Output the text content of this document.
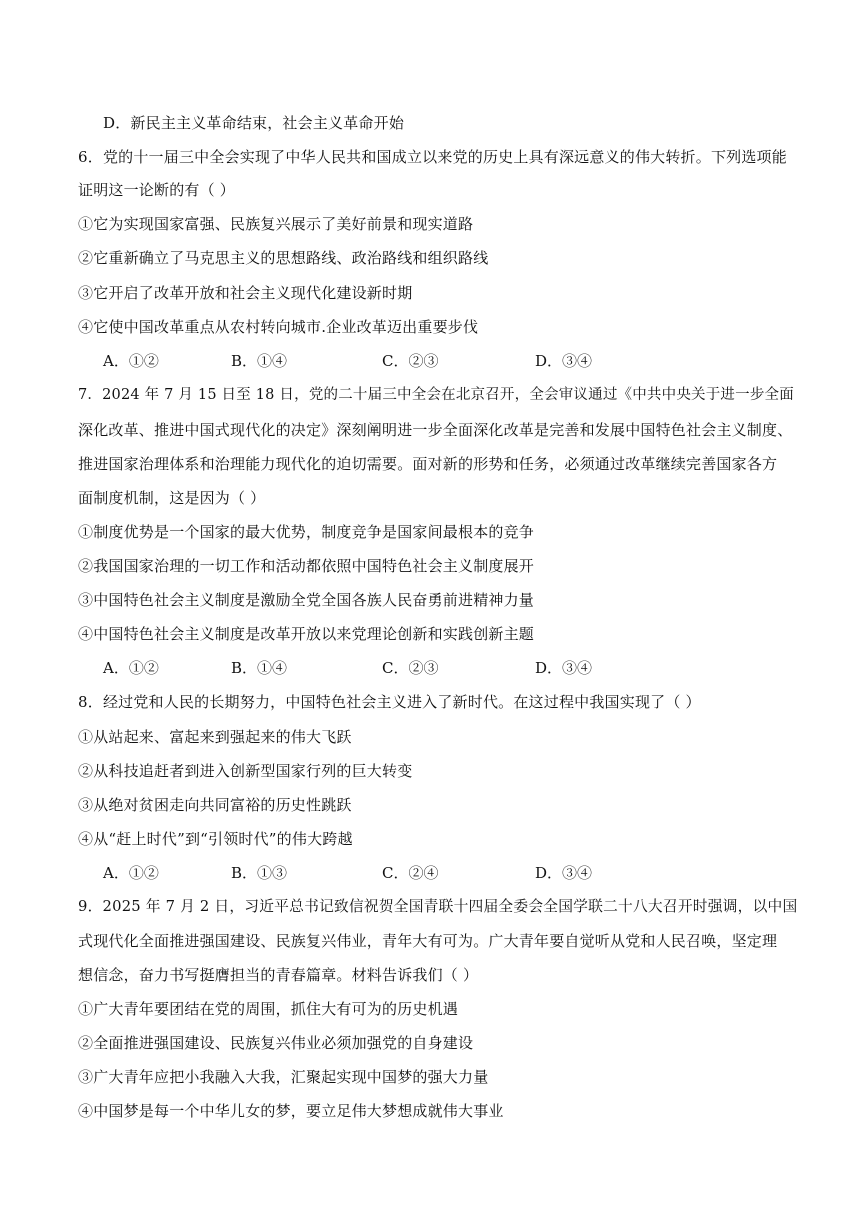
D．新民主主义革命结束，社会主义革命开始
6．党的十一届三中全会实现了中华人民共和国成立以来党的历史上具有深远意义的伟大转折。下列选项能
证明这一论断的有（ ）
①它为实现国家富强、民族复兴展示了美好前景和现实道路
②它重新确立了马克思主义的思想路线、政治路线和组织路线
③它开启了改革开放和社会主义现代化建设新时期
④它使中国改革重点从农村转向城市.企业改革迈出重要步伐
A．①②	B．①④	C．②③	D．③④
7．2024 年 7 月 15 日至 18 日，党的二十届三中全会在北京召开，全会审议通过《中共中央关于进一步全面
深化改革、推进中国式现代化的决定》深刻阐明进一步全面深化改革是完善和发展中国特色社会主义制度、
推进国家治理体系和治理能力现代化的迫切需要。面对新的形势和任务，必须通过改革继续完善国家各方
面制度机制，这是因为（ ）
①制度优势是一个国家的最大优势，制度竞争是国家间最根本的竞争
②我国国家治理的一切工作和活动都依照中国特色社会主义制度展开
③中国特色社会主义制度是激励全党全国各族人民奋勇前进精神力量
④中国特色社会主义制度是改革开放以来党理论创新和实践创新主题
A．①②	B．①④	C．②③	D．③④
8．经过党和人民的长期努力，中国特色社会主义进入了新时代。在这过程中我国实现了（ ）
①从站起来、富起来到强起来的伟大飞跃
②从科技追赶者到进入创新型国家行列的巨大转变
③从绝对贫困走向共同富裕的历史性跳跃
④从“赶上时代”到“引领时代”的伟大跨越
A．①②	B．①③	C．②④	D．③④
9．2025 年 7 月 2 日，习近平总书记致信祝贺全国青联十四届全委会全国学联二十八大召开时强调，以中国
式现代化全面推进强国建设、民族复兴伟业，青年大有可为。广大青年要自觉听从党和人民召唤，坚定理
想信念，奋力书写挺膺担当的青春篇章。材料告诉我们（ ）
①广大青年要团结在党的周围，抓住大有可为的历史机遇
②全面推进强国建设、民族复兴伟业必须加强党的自身建设
③广大青年应把小我融入大我，汇聚起实现中国梦的强大力量
④中国梦是每一个中华儿女的梦，要立足伟大梦想成就伟大事业
